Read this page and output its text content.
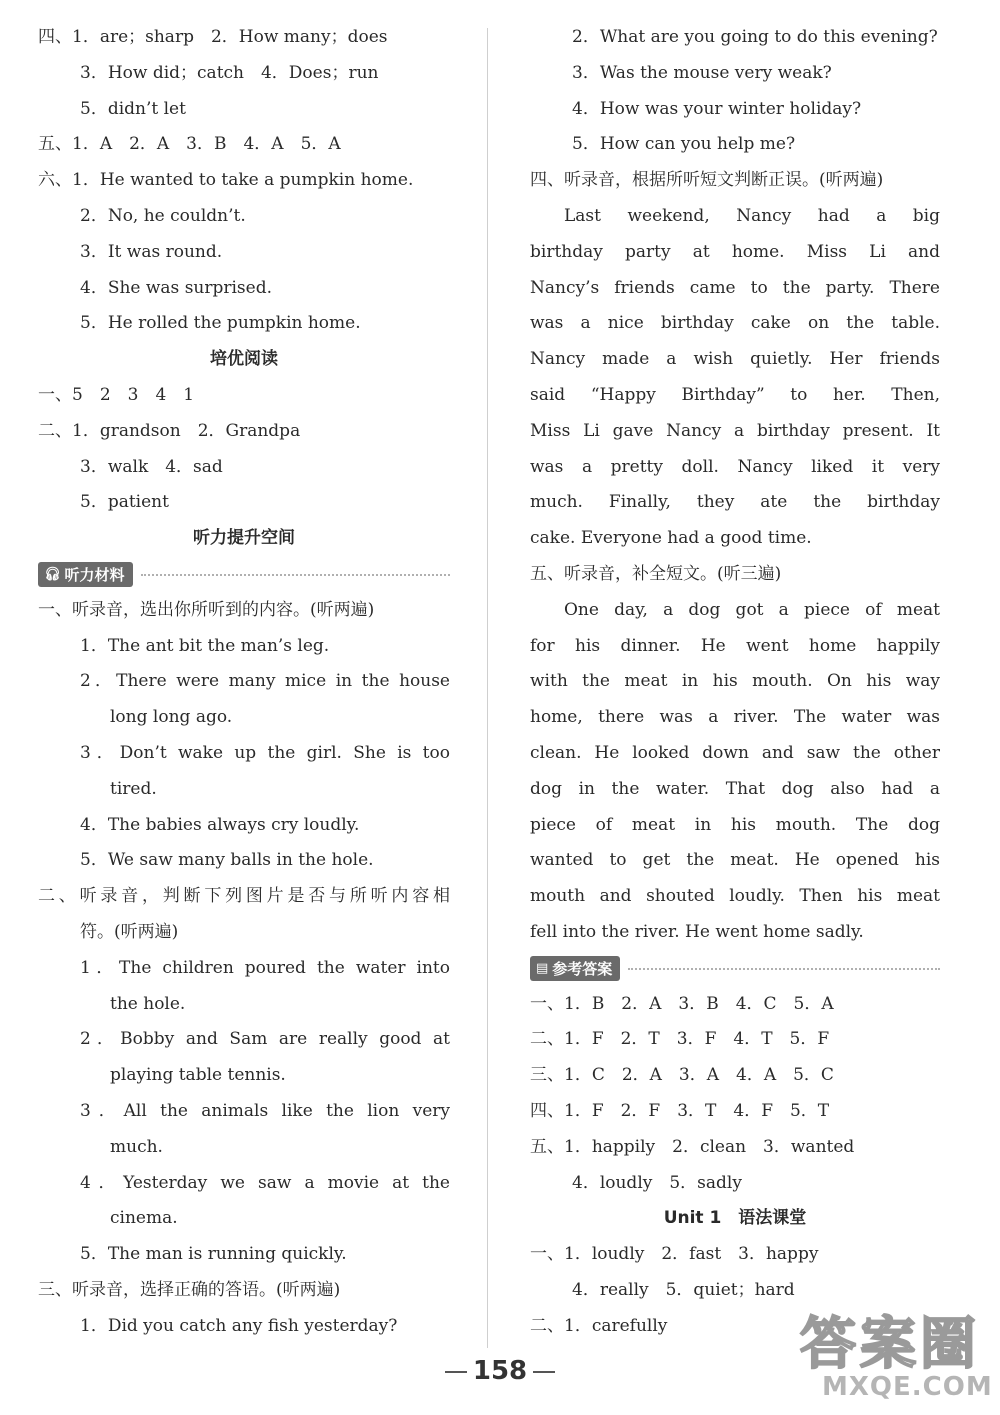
四、1．are；sharp　2．How many；does
3．How did；catch　4．Does；run
5．didn’t let
五、1．A　2．A　3．B　4．A　5．A
六、1．He wanted to take a pumpkin home.
2．No, he couldn’t.
3．It was round.
4．She was surprised.
5．He rolled the pumpkin home.
培优阅读
一、5　2　3　4　1
二、1．grandson　2．Grandpa
3．walk　4．sad
5．patient
听力提升空间
🎧︎ 听力材料
一、听录音，选出你所听到的内容。(听两遍)
1．The ant bit the man’s leg.
2．There were many mice in the house
long long ago.
3．Don’t wake up the girl. She is too
tired.
4．The babies always cry loudly.
5．We saw many balls in the hole.
二、听录音，判断下列图片是否与所听内容相
符。(听两遍)
1．The children poured the water into
the hole.
2．Bobby and Sam are really good at
playing table tennis.
3．All the animals like the lion very
much.
4．Yesterday we saw a movie at the
cinema.
5．The man is running quickly.
三、听录音，选择正确的答语。(听两遍)
1．Did you catch any fish yesterday?
2．What are you going to do this evening?
3．Was the mouse very weak?
4．How was your winter holiday?
5．How can you help me?
四、听录音，根据所听短文判断正误。(听两遍)
Last weekend, Nancy had a big
birthday party at home. Miss Li and
Nancy’s friends came to the party. There
was a nice birthday cake on the table.
Nancy made a wish quietly. Her friends
said “Happy Birthday” to her. Then,
Miss Li gave Nancy a birthday present. It
was a pretty doll. Nancy liked it very
much. Finally, they ate the birthday
cake. Everyone had a good time.
五、听录音，补全短文。(听三遍)
One day, a dog got a piece of meat
for his dinner. He went home happily
with the meat in his mouth. On his way
home, there was a river. The water was
clean. He looked down and saw the other
dog in the water. That dog also had a
piece of meat in his mouth. The dog
wanted to get the meat. He opened his
mouth and shouted loudly. Then his meat
fell into the river. He went home sadly.
▤ 参考答案
一、1．B　2．A　3．B　4．C　5．A
二、1．F　2．T　3．F　4．T　5．F
三、1．C　2．A　3．A　4．A　5．C
四、1．F　2．F　3．T　4．F　5．T
五、1．happily　2．clean　3．wanted
4．loudly　5．sadly
Unit 1　语法课堂
一、1．loudly　2．fast　3．happy
4．really　5．quiet；hard
二、1．carefully
158	答案圈
MXQE.COM
